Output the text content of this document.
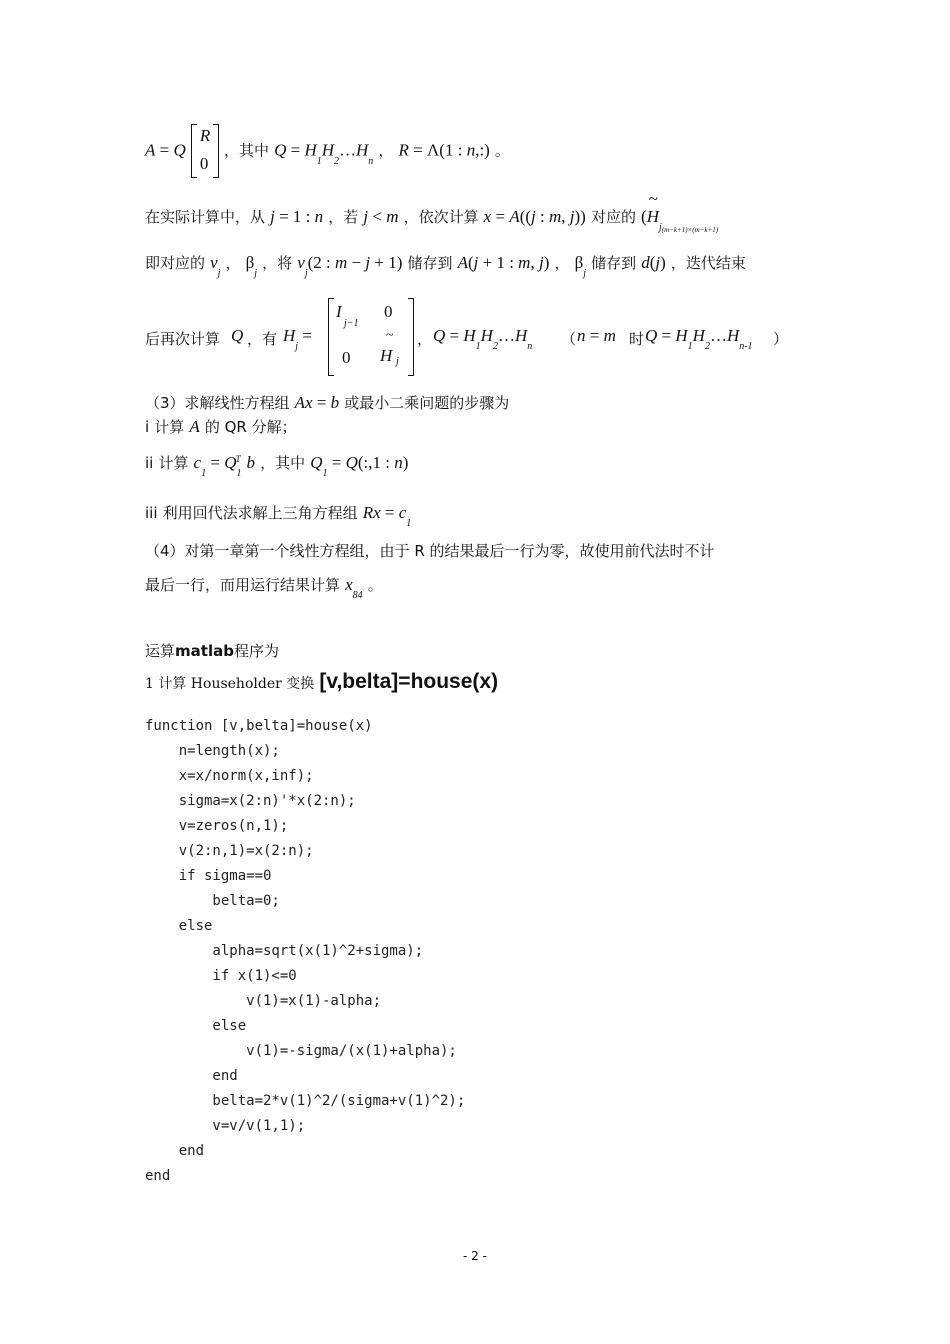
A = Q
R
0
，其中 $Q = H_1H_2\dots H_n$ ， R = Λ(1 : n,:) 。
在实际计算中，从 j = 1 : n ，若 j < m ，依次计算 x = A((j : m, j)) 对应的 (
~
$H_{j(m-k+1)\times(m-k+1)}$
即对应的 $v_j$ ， $\beta_j$ ，将 $v_j(2$ : m − j + 1) 储存到 A(j + 1 : m, j) ， $\beta_j$ 储存到 d(j) ，迭代结束
后再次计算 Q ，有 $H_j$ =
I
j−1
0
~
0 H j
， $Q = H_1H_2\dots H_n$ （ n = m 时 $Q = H_1H_2\dots H_{n-1}$ ）
（3）求解线性方程组 Ax = b 或最小二乘问题的步骤为
i 计算 A 的 QR 分解；
ii 计算 $c_1 = Q_1^T$ b ，其中 $Q_1$ = Q(:,1 : n)
iii 利用回代法求解上三角方程组 $Rx = c_1$
（4）对第一章第一个线性方程组，由于 R 的结果最后一行为零，故使用前代法时不计
最后一行，而用运行结果计算 $x_{84}$ 。
运算matlab程序为
1 计算 Householder 变换 [v,belta]=house(x)
function [v,belta]=house(x)
n=length(x);
x=x/norm(x,inf);
sigma=x(2:n)'*x(2:n);
v=zeros(n,1);
v(2:n,1)=x(2:n);
if sigma==0
belta=0;
else
alpha=sqrt(x(1)^2+sigma);
if x(1)<=0
v(1)=x(1)-alpha;
else
v(1)=-sigma/(x(1)+alpha);
end
belta=2*v(1)^2/(sigma+v(1)^2);
v=v/v(1,1);
end
end
- 2 -
